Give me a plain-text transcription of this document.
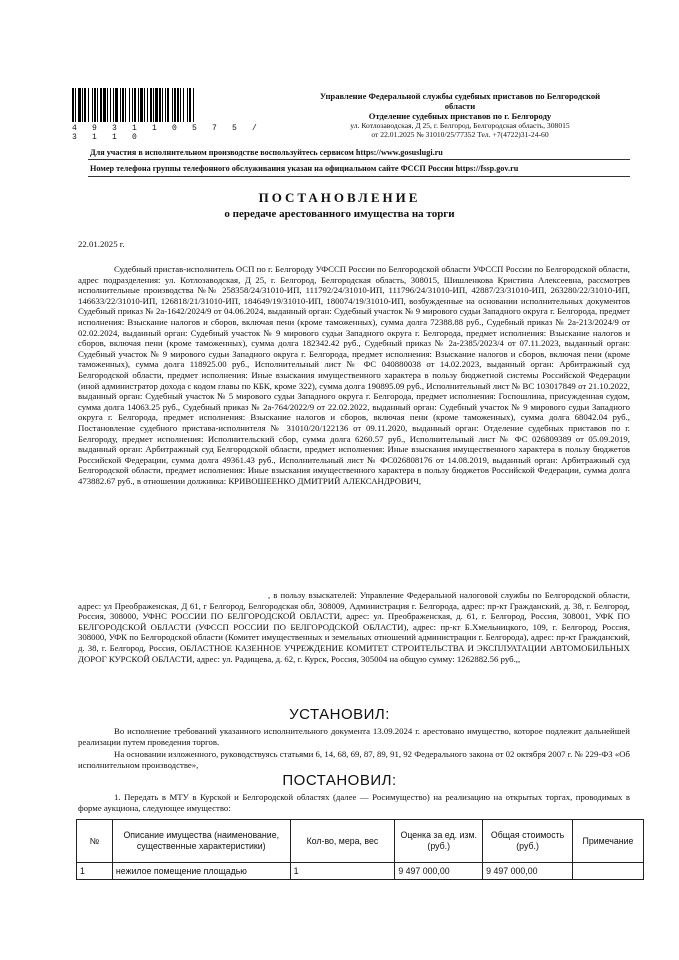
4 9 3 1 1 0 5 7 5 / 3 1 1 0
Управление Федеральной службы судебных приставов по Белгородской
области
Отделение судебных приставов по г. Белгороду
ул. Котлозаводская, Д 25, г. Белгород, Белгородская область, 308015
от 22.01.2025 № 31010/25/77352 Тел. +7(4722)31-24-60
Для участия в исполнительном производстве воспользуйтесь сервисом https://www.gosuslugi.ru
Номер телефона группы телефонного обслуживания указан на официальном сайте ФССП России https://fssp.gov.ru
ПОСТАНОВЛЕНИЕ
о передаче арестованного имущества на торги
22.01.2025 г.

Судебный пристав-исполнитель ОСП по г. Белгороду УФССП России по Белгородской области УФССП России по Белгородской области, адрес подразделения: ул. Котлозаводская, Д 25, г. Белгород, Белгородская область, 308015, Шишленкова Кристина Алексеевна, рассмотрев исполнительные производства №№ 258358/24/31010-ИП, 111792/24/31010-ИП, 111796/24/31010-ИП, 42887/23/31010-ИП, 263280/22/31010-ИП, 146633/22/31010-ИП, 126818/21/31010-ИП, 184649/19/31010-ИП, 180074/19/31010-ИП, возбужденные на основании исполнительных документов Судебный приказ № 2а-1642/2024/9 от 04.06.2024, выданный орган: Судебный участок № 9 мирового судьи Западного округа г. Белгорода, предмет исполнения: Взыскание налогов и сборов, включая пени (кроме таможенных), сумма долга 72388.88 руб., Судебный приказ № 2а-213/2024/9 от 02.02.2024, выданный орган: Судебный участок № 9 мирового судьи Западного округа г. Белгорода, предмет исполнения: Взыскание налогов и сборов, включая пени (кроме таможенных), сумма долга 182342.42 руб., Судебный приказ № 2а-2385/2023/4 от 07.11.2023, выданный орган: Судебный участок № 9 мирового судьи Западного округа г. Белгорода, предмет исполнения: Взыскание налогов и сборов, включая пени (кроме таможенных), сумма долга 118925.00 руб., Исполнительный лист № ФС 040880038 от 14.02.2023, выданный орган: Арбитражный суд Белгородской области, предмет исполнения: Иные взыскания имущественного характера в пользу бюджетной системы Российской Федерации (иной администратор дохода с кодом главы по КБК, кроме 322), сумма долга 190895.09 руб., Исполнительный лист № ВС 103017849 от 21.10.2022, выданный орган: Судебный участок № 5 мирового судьи Западного округа г. Белгорода, предмет исполнения: Госпошлина, присужденная судом, сумма долга 14063.25 руб., Судебный приказ № 2а-764/2022/9 от 22.02.2022, выданный орган: Судебный участок № 9 мирового судьи Западного округа г. Белгорода, предмет исполнения: Взыскание налогов и сборов, включая пени (кроме таможенных), сумма долга 68042.04 руб., Постановление судебного пристава-исполнителя № 31010/20/122136 от 09.11.2020, выданный орган: Отделение судебных приставов по г. Белгороду, предмет исполнения: Исполнительский сбор, сумма долга 6260.57 руб., Исполнительный лист № ФС 026809389 от 05.09.2019, выданный орган: Арбитражный суд Белгородской области, предмет исполнения: Иные взыскания имущественного характера в пользу бюджетов Российской Федерации, сумма долга 49361.43 руб., Исполнительный лист № ФС026808176 от 14.08.2019, выданный орган: Арбитражный суд Белгородской области, предмет исполнения: Иные взыскания имущественного характера в пользу бюджетов Российской Федерации, сумма долга 473882.67 руб., в отношении должника: КРИВОШЕЕНКО ДМИТРИЙ АЛЕКСАНДРОВИЧ,

, в пользу взыскателей: Управление Федеральной налоговой службы по Белгородской области, адрес: ул Преображенская, Д 61, г Белгород, Белгородская обл, 308009, Администрация г. Белгорода, адрес: пр-кт Гражданский, д. 38, г. Белгород, Россия, 308000, УФНС РОССИИ ПО БЕЛГОРОДСКОЙ ОБЛАСТИ, адрес: ул. Преображенская, д. 61, г. Белгород, Россия, 308001, УФК ПО БЕЛГОРОДСКОЙ ОБЛАСТИ (УФССП РОССИИ ПО БЕЛГОРОДСКОЙ ОБЛАСТИ), адрес: пр-кт Б.Хмельницкого, 109, г. Белгород, Россия, 308000, УФК по Белгородской области (Комитет имущественных и земельных отношений администрации г. Белгорода), адрес: пр-кт Гражданский, д. 38, г. Белгород, Россия, ОБЛАСТНОЕ КАЗЕННОЕ УЧРЕЖДЕНИЕ КОМИТЕТ СТРОИТЕЛЬСТВА И ЭКСПЛУАТАЦИИ АВТОМОБИЛЬНЫХ ДОРОГ КУРСКОЙ ОБЛАСТИ, адрес: ул. Радищева, д. 62, г. Курск, Россия, 305004 на общую сумму: 1262882.56 руб.,,

УСТАНОВИЛ:

Во исполнение требований указанного исполнительного документа 13.09.2024 г. арестовано имущество, которое подлежит дальнейшей реализации путем проведения торгов.

На основании изложенного, руководствуясь статьями 6, 14, 68, 69, 87, 89, 91, 92 Федерального закона от 02 октября 2007 г. № 229-ФЗ «Об исполнительном производстве»,

ПОСТАНОВИЛ:

1. Передать в МТУ в Курской и Белгородской областях (далее — Росимущество) на реализацию на открытых торгах, проводимых в форме аукциона, следующее имущество:

№	Описание имущества (наименование, существенные характеристики)	Кол-во, мера, вес	Оценка за ед. изм. (руб.)	Общая стоимость (руб.)	Примечание
1	нежилое помещение площадью	1	9 497 000,00	9 497 000,00	
